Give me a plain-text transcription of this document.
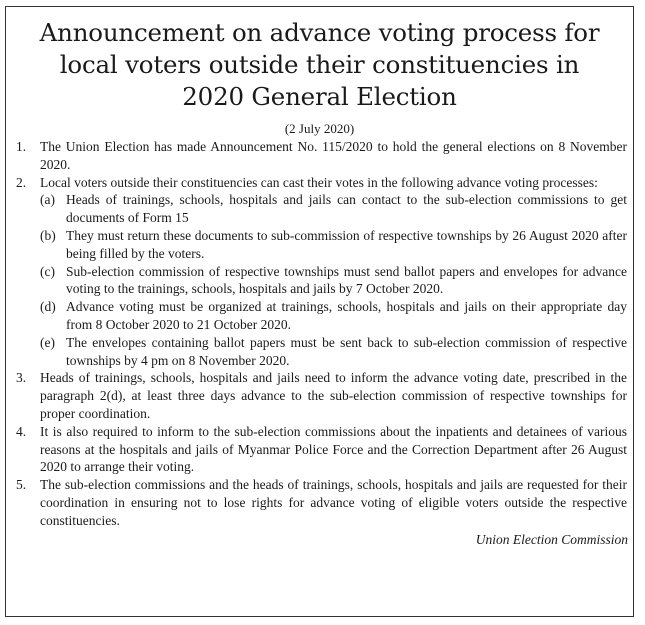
Announcement on advance voting process for
local voters outside their constituencies in
2020 General Election
(2 July 2020)
1. The Union Election has made Announcement No. 115/2020 to hold the general elections on 8 November 2020.
2. Local voters outside their constituencies can cast their votes in the following advance voting processes:
(a) Heads of trainings, schools, hospitals and jails can contact to the sub-election commissions to get documents of Form 15
(b) They must return these documents to sub-commission of respective townships by 26 August 2020 after being filled by the voters.
(c) Sub-election commission of respective townships must send ballot papers and envelopes for advance voting to the trainings, schools, hospitals and jails by 7 October 2020.
(d) Advance voting must be organized at trainings, schools, hospitals and jails on their appropriate day from 8 October 2020 to 21 October 2020.
(e) The envelopes containing ballot papers must be sent back to sub-election commission of respective townships by 4 pm on 8 November 2020.
3. Heads of trainings, schools, hospitals and jails need to inform the advance voting date, prescribed in the paragraph 2(d), at least three days advance to the sub-election commission of respective townships for proper coordination.
4. It is also required to inform to the sub-election commissions about the inpatients and detainees of various reasons at the hospitals and jails of Myanmar Police Force and the Correction Department after 26 August 2020 to arrange their voting.
5. The sub-election commissions and the heads of trainings, schools, hospitals and jails are requested for their coordination in ensuring not to lose rights for advance voting of eligible voters outside the respective constituencies.
Union Election Commission
